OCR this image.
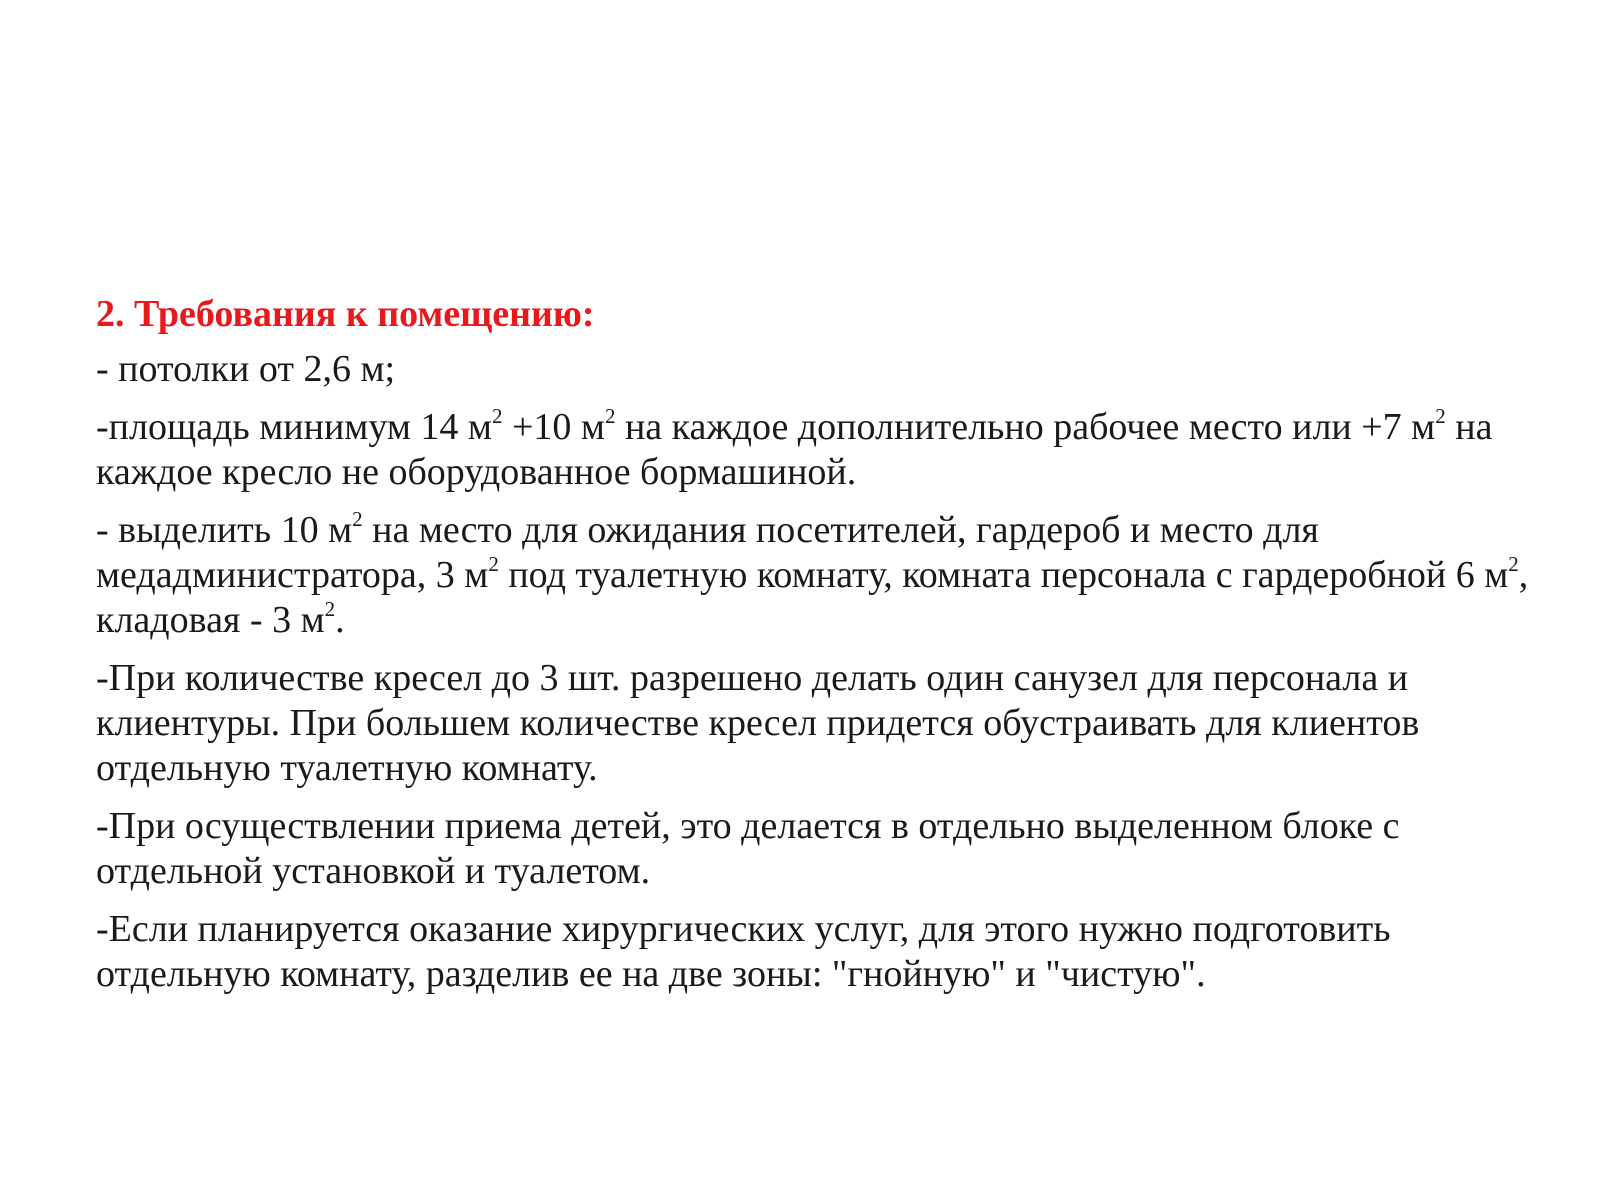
2. Требования к помещению:
- потолки от 2,6 м;
-площадь минимум 14 $м^2 +10$ $м^2$ на каждое дополнительно рабочее место или +7 $м^2$ на каждое кресло не оборудованное бормашиной.
- выделить 10 $м^2$ на место для ожидания посетителей, гардероб и место для медадминистратора, 3 $м^2$ под туалетную комнату, комната персонала с гардеробной 6 $м^2$, кладовая - 3 $м^2$.
-При количестве кресел до 3 шт. разрешено делать один санузел для персонала и клиентуры. При большем количестве кресел придется обустраивать для клиентов отдельную туалетную комнату.
-При осуществлении приема детей, это делается в отдельно выделенном блоке с отдельной установкой и туалетом.
-Если планируется оказание хирургических услуг, для этого нужно подготовить отдельную комнату, разделив ее на две зоны: "гнойную" и "чистую".
